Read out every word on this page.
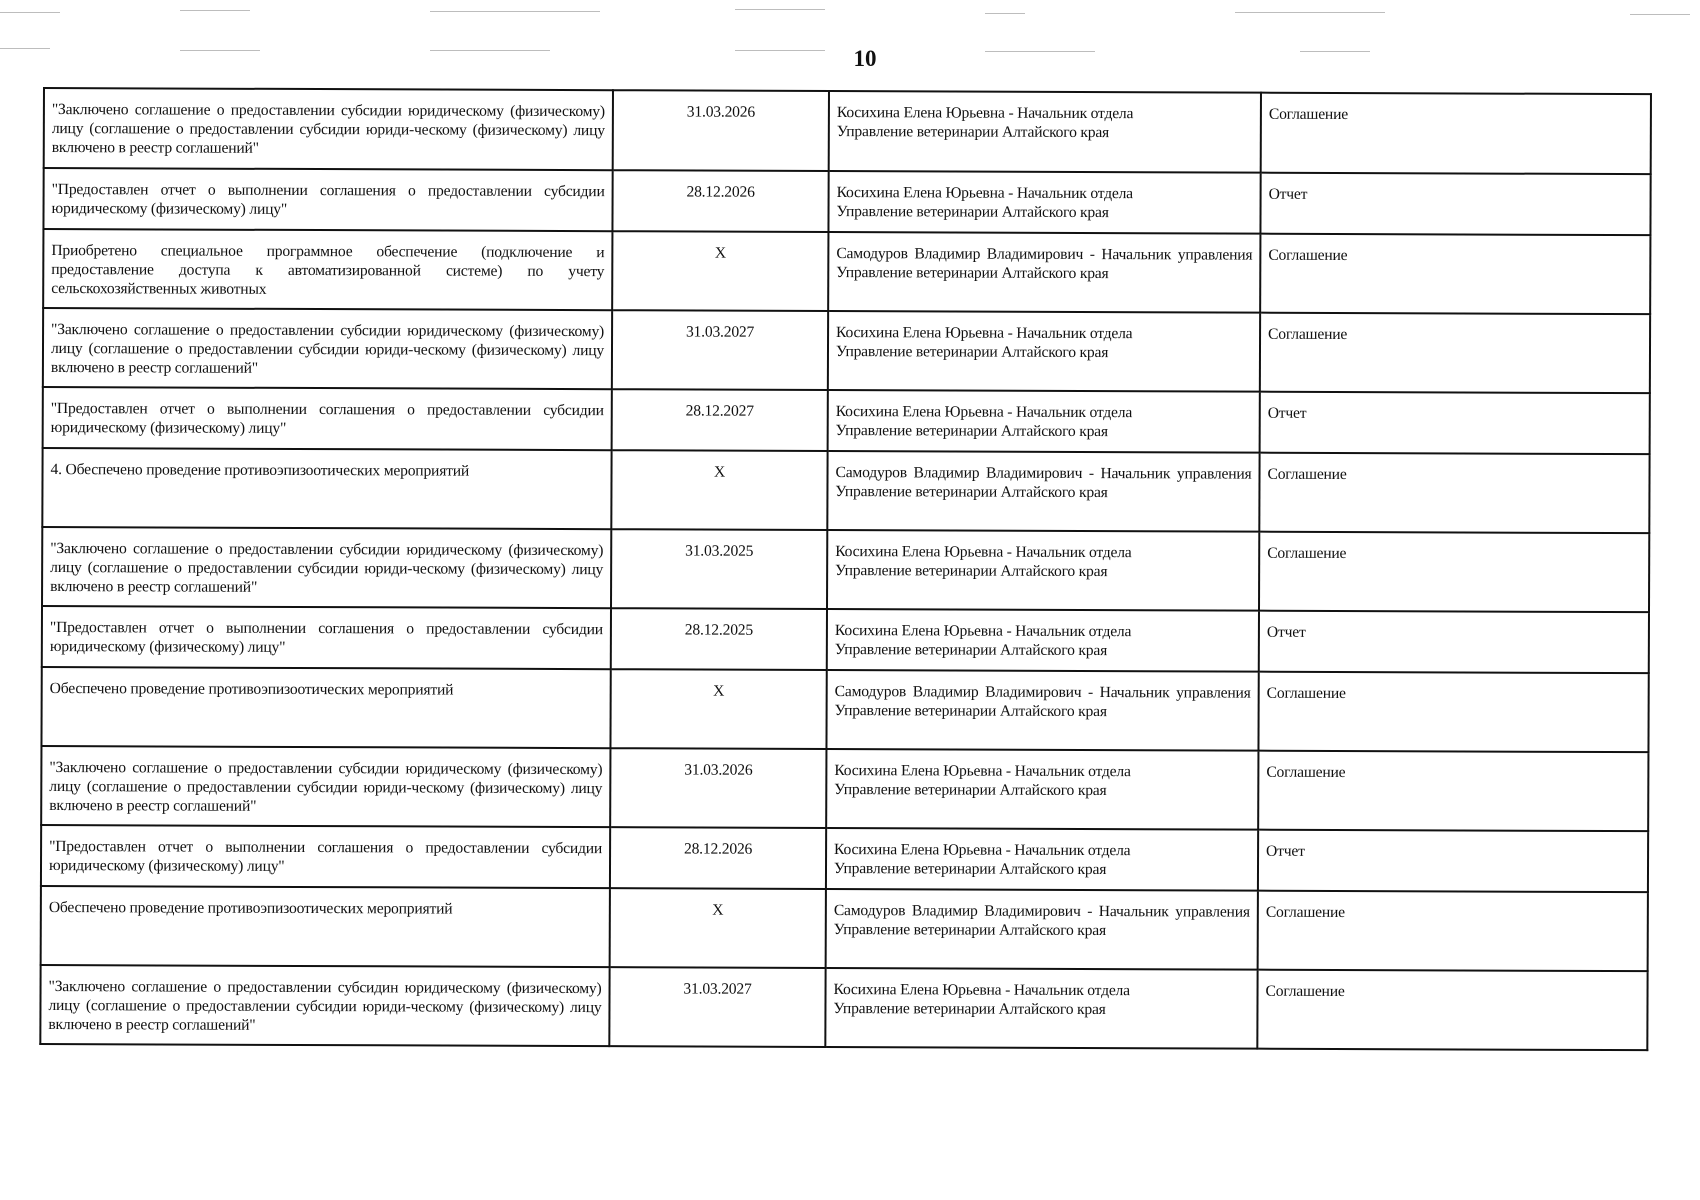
10
"Заключено соглашение о предоставлении субсидии юридическому (физическому) лицу (соглашение о предоставлении субсидии юриди-ческому (физическому) лицу включено в реестр соглашений"	31.03.2026	Косихина Елена Юрьевна - Начальник отдела
Управление ветеринарии Алтайского края	Соглашение
"Предоставлен отчет о выполнении соглашения о предоставлении субсидии юридическому (физическому) лицу"	28.12.2026	Косихина Елена Юрьевна - Начальник отдела
Управление ветеринарии Алтайского края	Отчет
Приобретено специальное программное обеспечение (подключение и предоставление доступа к автоматизированной системе) по учету сельскохозяйственных животных	X	Самодуров Владимир Владимирович - Начальник управления
Управление ветеринарии Алтайского края	Соглашение
"Заключено соглашение о предоставлении субсидии юридическому (физическому) лицу (соглашение о предоставлении субсидии юриди-ческому (физическому) лицу включено в реестр соглашений"	31.03.2027	Косихина Елена Юрьевна - Начальник отдела
Управление ветеринарии Алтайского края	Соглашение
"Предоставлен отчет о выполнении соглашения о предоставлении субсидии юридическому (физическому) лицу"	28.12.2027	Косихина Елена Юрьевна - Начальник отдела
Управление ветеринарии Алтайского края	Отчет
4. Обеспечено проведение противоэпизоотических мероприятий	X	Самодуров Владимир Владимирович - Начальник управления
Управление ветеринарии Алтайского края	Соглашение
"Заключено соглашение о предоставлении субсидии юридическому (физическому) лицу (соглашение о предоставлении субсидии юриди-ческому (физическому) лицу включено в реестр соглашений"	31.03.2025	Косихина Елена Юрьевна - Начальник отдела
Управление ветеринарии Алтайского края	Соглашение
"Предоставлен отчет о выполнении соглашения о предоставлении субсидии юридическому (физическому) лицу"	28.12.2025	Косихина Елена Юрьевна - Начальник отдела
Управление ветеринарии Алтайского края	Отчет
Обеспечено проведение противоэпизоотических мероприятий	X	Самодуров Владимир Владимирович - Начальник управления
Управление ветеринарии Алтайского края	Соглашение
"Заключено соглашение о предоставлении субсидии юридическому (физическому) лицу (соглашение о предоставлении субсидии юриди-ческому (физическому) лицу включено в реестр соглашений"	31.03.2026	Косихина Елена Юрьевна - Начальник отдела
Управление ветеринарии Алтайского края	Соглашение
"Предоставлен отчет о выполнении соглашения о предоставлении субсидии юридическому (физическому) лицу"	28.12.2026	Косихина Елена Юрьевна - Начальник отдела
Управление ветеринарии Алтайского края	Отчет
Обеспечено проведение противоэпизоотических мероприятий	X	Самодуров Владимир Владимирович - Начальник управления
Управление ветеринарии Алтайского края	Соглашение
"Заключено соглашение о предоставлении субсидин юридическому (физическому) лицу (соглашение о предоставлении субсидии юриди-ческому (физическому) лицу включено в реестр соглашений"	31.03.2027	Косихина Елена Юрьевна - Начальник отдела
Управление ветеринарии Алтайского края	Соглашение
